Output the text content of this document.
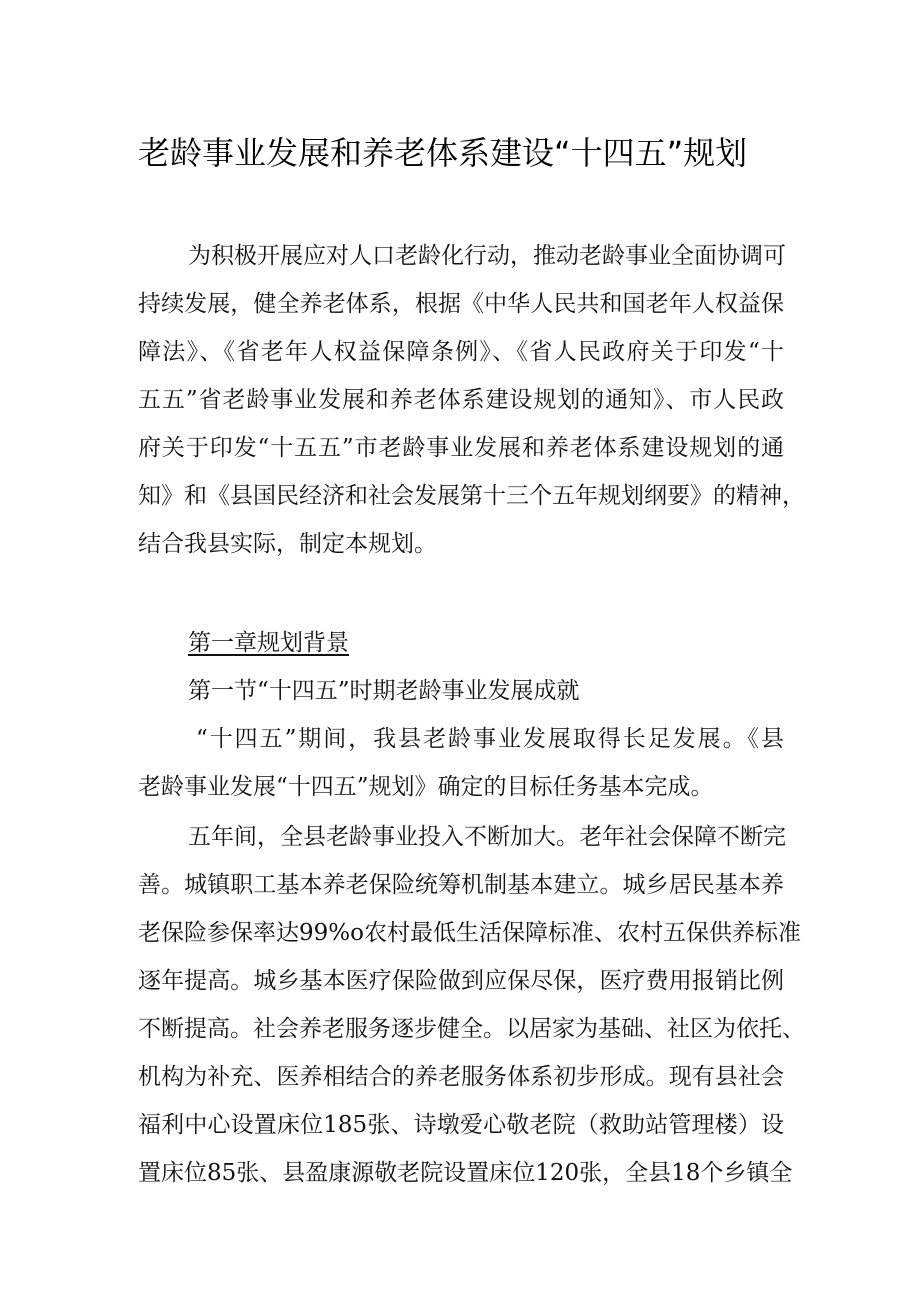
老龄事业发展和养老体系建设“十四五”规划
为积极开展应对人口老龄化行动，推动老龄事业全面协调可
持续发展，健全养老体系，根据《中华人民共和国老年人权益保
障法》、《省老年人权益保障条例》、《省人民政府关于印发“十
五五”省老龄事业发展和养老体系建设规划的通知》、市人民政
府关于印发“十五五”市老龄事业发展和养老体系建设规划的通
知》和《县国民经济和社会发展第十三个五年规划纲要》的精神，
结合我县实际，制定本规划。
第一章规划背景
第一节“十四五”时期老龄事业发展成就
“十四五”期间，我县老龄事业发展取得长足发展。《县
老龄事业发展“十四五”规划》确定的目标任务基本完成。
五年间，全县老龄事业投入不断加大。老年社会保障不断完
善。城镇职工基本养老保险统筹机制基本建立。城乡居民基本养
老保险参保率达99%o农村最低生活保障标准、农村五保供养标准
逐年提高。城乡基本医疗保险做到应保尽保，医疗费用报销比例
不断提高。社会养老服务逐步健全。以居家为基础、社区为依托、
机构为补充、医养相结合的养老服务体系初步形成。现有县社会
福利中心设置床位185张、诗墩爱心敬老院（救助站管理楼）设
置床位85张、县盈康源敬老院设置床位120张，全县18个乡镇全
